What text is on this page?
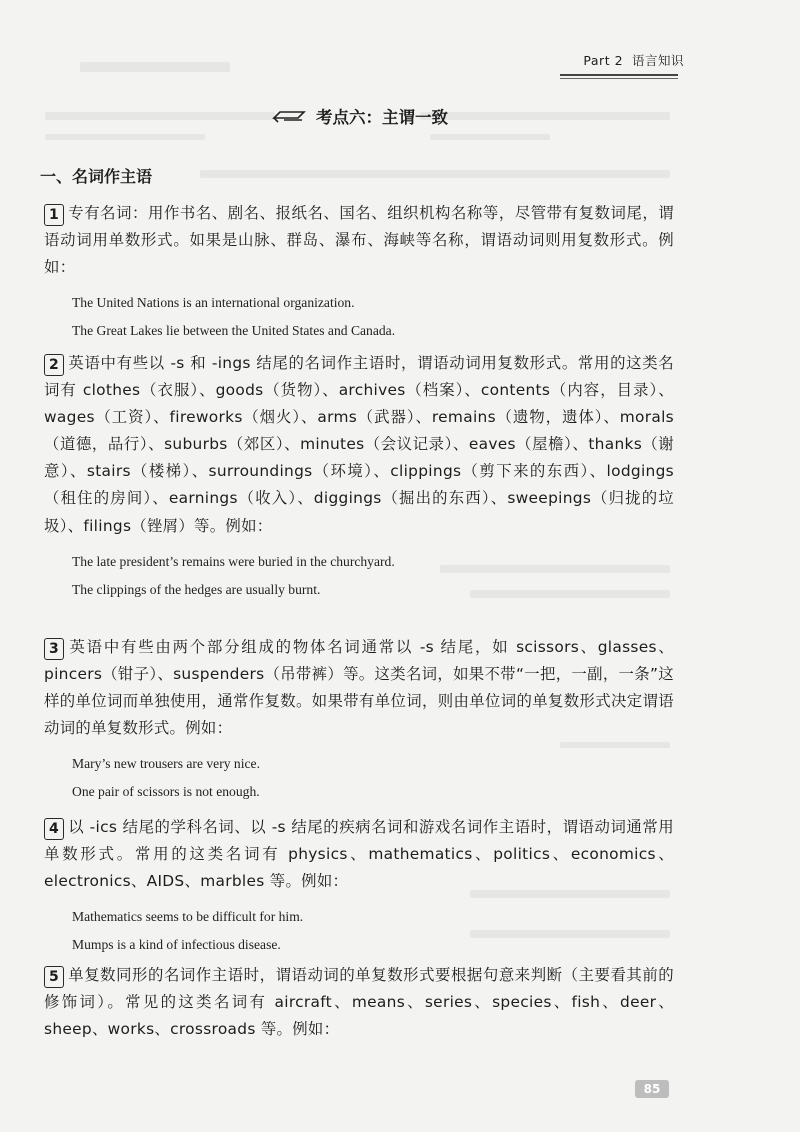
Part 2 语言知识
考点六：主谓一致
一、名词作主语

1 专有名词：用作书名、剧名、报纸名、国名、组织机构名称等，尽管带有复数词尾，谓语动词用单数形式。如果是山脉、群岛、瀑布、海峡等名称，谓语动词则用复数形式。例如：

The United Nations is an international organization.
The Great Lakes lie between the United States and Canada.

2 英语中有些以 -s 和 -ings 结尾的名词作主语时，谓语动词用复数形式。常用的这类名词有 clothes（衣服）、goods（货物）、archives（档案）、contents（内容，目录）、wages（工资）、fireworks（烟火）、arms（武器）、remains（遗物，遗体）、morals（道德，品行）、suburbs（郊区）、minutes（会议记录）、eaves（屋檐）、thanks（谢意）、stairs（楼梯）、surroundings（环境）、clippings（剪下来的东西）、lodgings（租住的房间）、earnings（收入）、diggings（掘出的东西）、sweepings（归拢的垃圾）、filings（锉屑）等。例如：

The late president’s remains were buried in the churchyard.
The clippings of the hedges are usually burnt.

3 英语中有些由两个部分组成的物体名词通常以 -s 结尾，如 scissors、glasses、pincers（钳子）、suspenders（吊带裤）等。这类名词，如果不带“一把，一副，一条”这样的单位词而单独使用，通常作复数。如果带有单位词，则由单位词的单复数形式决定谓语动词的单复数形式。例如：

Mary’s new trousers are very nice.
One pair of scissors is not enough.

4 以 -ics 结尾的学科名词、以 -s 结尾的疾病名词和游戏名词作主语时，谓语动词通常用单数形式。常用的这类名词有 physics、mathematics、politics、economics、electronics、AIDS、marbles 等。例如：

Mathematics seems to be difficult for him.
Mumps is a kind of infectious disease.

5 单复数同形的名词作主语时，谓语动词的单复数形式要根据句意来判断（主要看其前的修饰词）。常见的这类名词有 aircraft、means、series、species、fish、deer、sheep、works、crossroads 等。例如：

85
